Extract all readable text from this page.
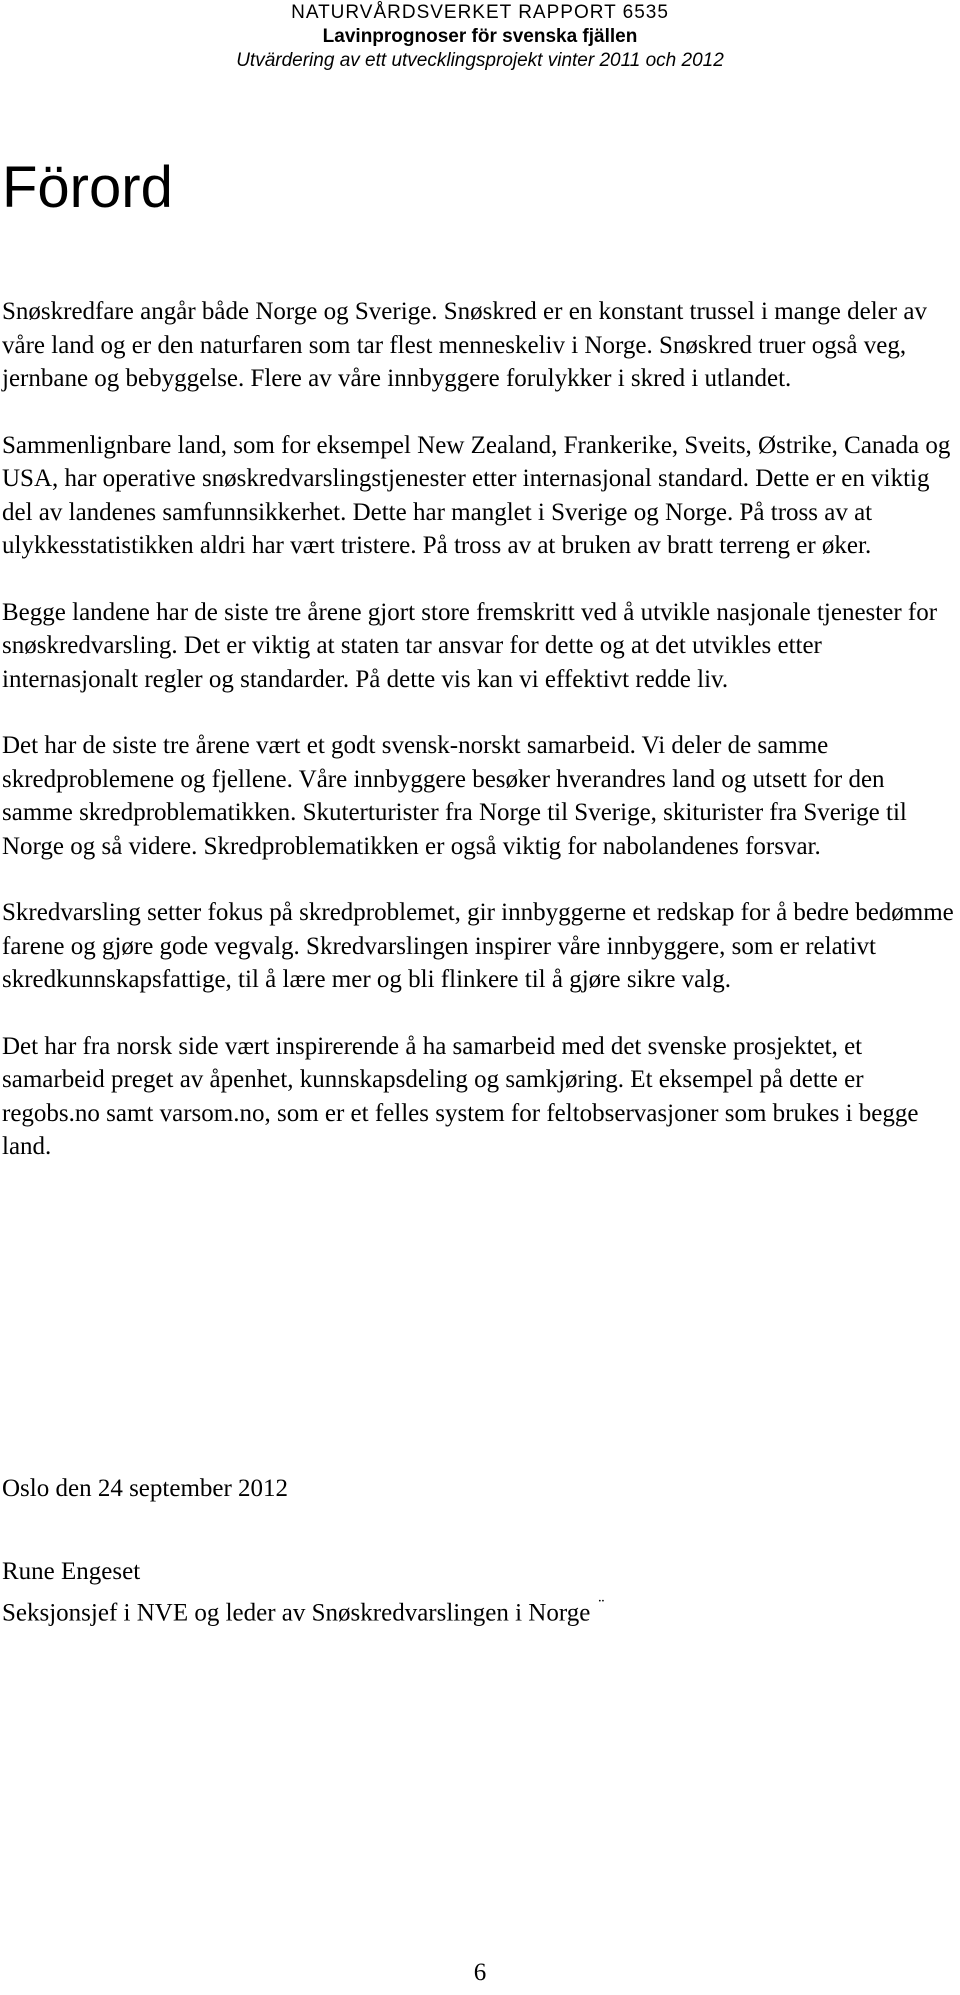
NATURVÅRDSVERKET RAPPORT 6535
Lavinprognoser för svenska fjällen
Utvärdering av ett utvecklingsprojekt vinter 2011 och 2012
Förord

Snøskredfare angår både Norge og Sverige. Snøskred er en konstant trussel i mange deler av våre land og er den naturfaren som tar flest menneskeliv i Norge. Snøskred truer også veg, jernbane og bebyggelse. Flere av våre innbyggere forulykker i skred i utlandet.

Sammenlignbare land, som for eksempel New Zealand, Frankerike, Sveits, Østrike, Canada og USA, har operative snøskredvarslingstjenester etter internasjonal standard. Dette er en viktig del av landenes samfunnsikkerhet. Dette har manglet i Sverige og Norge. På tross av at ulykkesstatistikken aldri har vært tristere. På tross av at bruken av bratt terreng er øker.

Begge landene har de siste tre årene gjort store fremskritt ved å utvikle nasjonale tjenester for snøskredvarsling. Det er viktig at staten tar ansvar for dette og at det utvikles etter internasjonalt regler og standarder. På dette vis kan vi effektivt redde liv.

Det har de siste tre årene vært et godt svensk-norskt samarbeid. Vi deler de samme skredproblemene og fjellene. Våre innbyggere besøker hverandres land og utsett for den samme skredproblematikken. Skuterturister fra Norge til Sverige, skiturister fra Sverige til Norge og så videre. Skredproblematikken er også viktig for nabolandenes forsvar.

Skredvarsling setter fokus på skredproblemet, gir innbyggerne et redskap for å bedre bedømme farene og gjøre gode vegvalg. Skredvarslingen inspirer våre innbyggere, som er relativt skredkunnskapsfattige, til å lære mer og bli flinkere til å gjøre sikre valg.

Det har fra norsk side vært inspirerende å ha samarbeid med det svenske prosjektet, et samarbeid preget av åpenhet, kunnskapsdeling og samkjøring. Et eksempel på dette er regobs.no samt varsom.no, som er et felles system for feltobservasjoner som brukes i begge land.

Oslo den 24 september 2012
Rune Engeset
Seksjonsjef i NVE og leder av Snøskredvarslingen i Norge ¨
6
